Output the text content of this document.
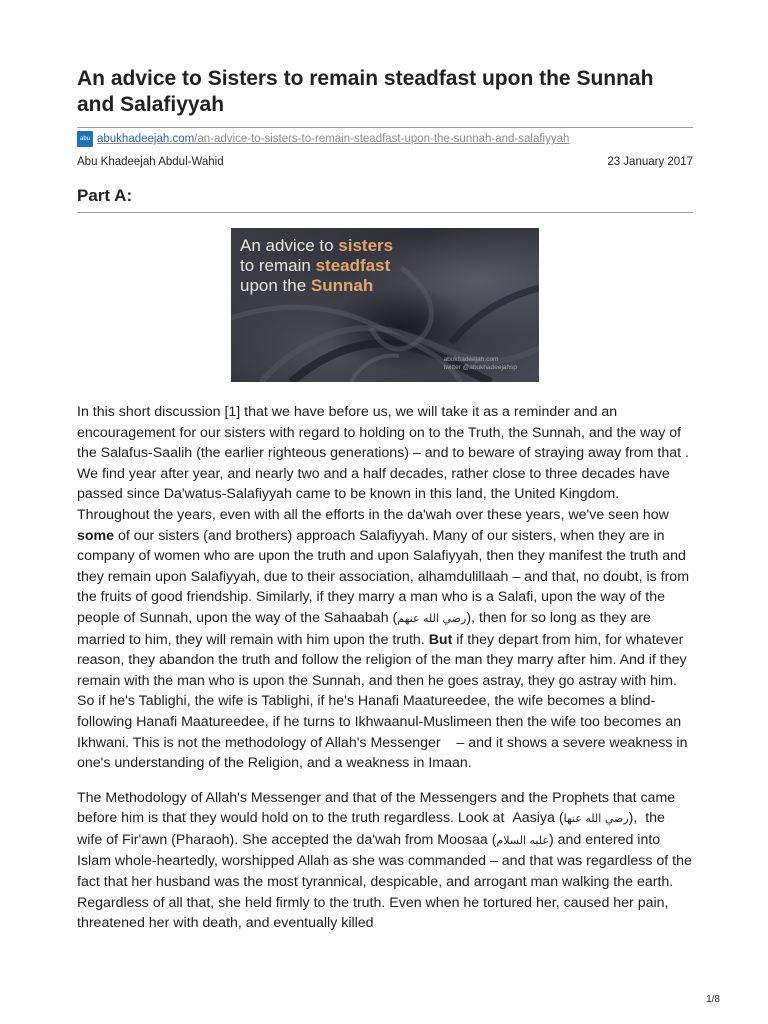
An advice to Sisters to remain steadfast upon the Sunnah and Salafiyyah
abu abukhadeejah.com/an-advice-to-sisters-to-remain-steadfast-upon-the-sunnah-and-salafiyyah
Abu Khadeejah Abdul-Wahid	23 January 2017
Part A:
An advice to sisters
to remain steadfast
upon the Sunnah
abukhadeejah.com
twitter @abukhadeejahsp

In this short discussion [1] that we have before us, we will take it as a reminder and an encouragement for our sisters with regard to holding on to the Truth, the Sunnah, and the way of the Salafus-Saalih (the earlier righteous generations) – and to beware of straying away from that . We find year after year, and nearly two and a half decades, rather close to three decades have passed since Da'watus-Salafiyyah came to be known in this land, the United Kingdom. Throughout the years, even with all the efforts in the da'wah over these years, we've seen how some of our sisters (and brothers) approach Salafiyyah. Many of our sisters, when they are in company of women who are upon the truth and upon Salafiyyah, then they manifest the truth and they remain upon Salafiyyah, due to their association, alhamdulillaah – and that, no doubt, is from the fruits of good friendship. Similarly, if they marry a man who is a Salafi, upon the way of the people of Sunnah, upon the way of the Sahaabah (رضي الله عنهم), then for so long as they are married to him, they will remain with him upon the truth. But if they depart from him, for whatever reason, they abandon the truth and follow the religion of the man they marry after him. And if they remain with the man who is upon the Sunnah, and then he goes astray, they go astray with him. So if he's Tablighi, the wife is Tablighi, if he's Hanafi Maatureedee, the wife becomes a blind-following Hanafi Maatureedee, if he turns to Ikhwaanul-Muslimeen then the wife too becomes an Ikhwani. This is not the methodology of Allah's Messenger    – and it shows a severe weakness in one's understanding of the Religion, and a weakness in Imaan.

The Methodology of Allah's Messenger and that of the Messengers and the Prophets that came before him is that they would hold on to the truth regardless. Look at  Aasiya (رضي الله عنها),  the wife of Fir'awn (Pharaoh). She accepted the da'wah from Moosaa (عليه السلام) and entered into Islam whole-heartedly, worshipped Allah as she was commanded – and that was regardless of the fact that her husband was the most tyrannical, despicable, and arrogant man walking the earth. Regardless of all that, she held firmly to the truth. Even when he tortured her, caused her pain, threatened her with death, and eventually killed

1/8
